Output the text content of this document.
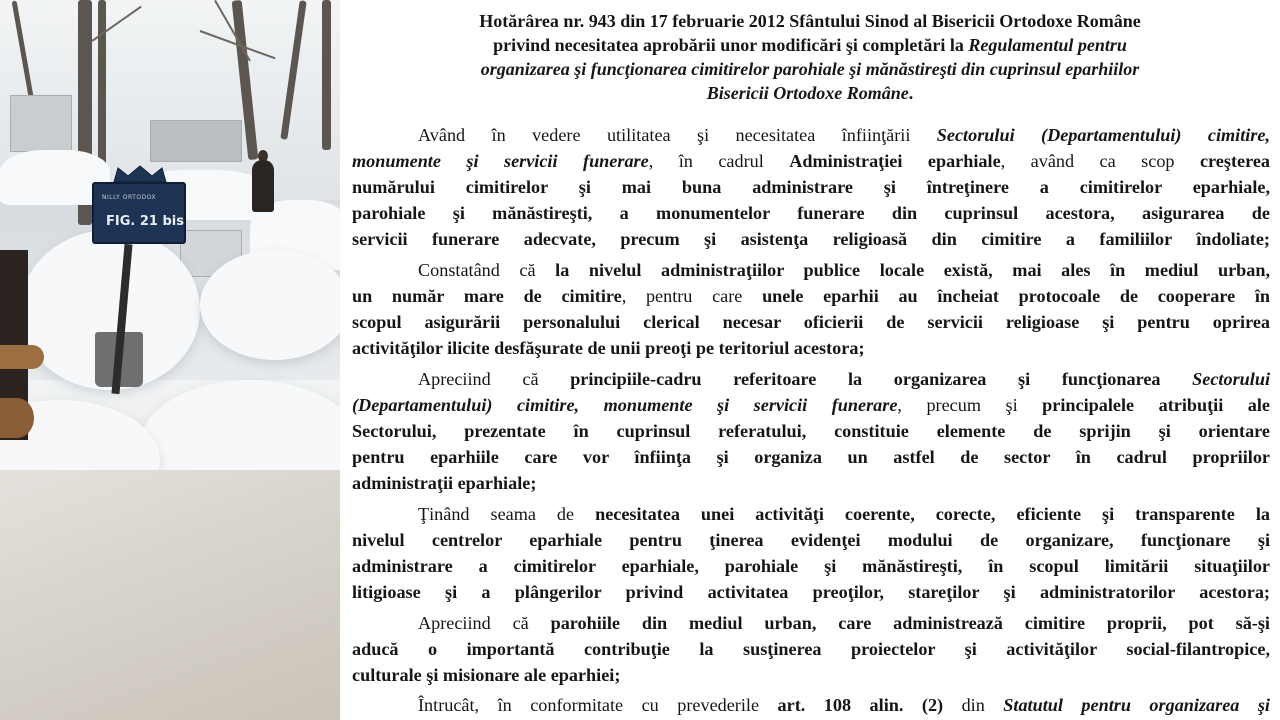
NILLY ORTODOX
FIG. 21 bis
Hotărârea nr. 943 din 17 februarie 2012 Sfântului Sinod al Bisericii Ortodoxe Române
privind necesitatea aprobării unor modificări şi completări la Regulamentul pentru
organizarea şi funcţionarea cimitirelor parohiale şi mănăstireşti din cuprinsul eparhiilor
Bisericii Ortodoxe Române.
Având în vedere utilitatea şi necesitatea înfiinţării Sectorului (Departamentului) cimitire,
monumente şi servicii funerare, în cadrul Administraţiei eparhiale, având ca scop creşterea
numărului cimitirelor şi mai buna administrare şi întreţinere a cimitirelor eparhiale,
parohiale şi mănăstireşti, a monumentelor funerare din cuprinsul acestora, asigurarea de
servicii funerare adecvate, precum şi asistenţa religioasă din cimitire a familiilor îndoliate;
Constatând că la nivelul administraţiilor publice locale există, mai ales în mediul urban,
un număr mare de cimitire, pentru care unele eparhii au încheiat protocoale de cooperare în
scopul asigurării personalului clerical necesar oficierii de servicii religioase şi pentru oprirea
activităţilor ilicite desfăşurate de unii preoţi pe teritoriul acestora;
Apreciind că principiile-cadru referitoare la organizarea şi funcţionarea Sectorului
(Departamentului) cimitire, monumente şi servicii funerare, precum şi principalele atribuţii ale
Sectorului, prezentate în cuprinsul referatului, constituie elemente de sprijin şi orientare
pentru eparhiile care vor înfiinţa şi organiza un astfel de sector în cadrul propriilor
administraţii eparhiale;
Ţinând seama de necesitatea unei activităţi coerente, corecte, eficiente şi transparente la
nivelul centrelor eparhiale pentru ţinerea evidenţei modului de organizare, funcţionare şi
administrare a cimitirelor eparhiale, parohiale şi mănăstireşti, în scopul limitării situaţiilor
litigioase şi a plângerilor privind activitatea preoţilor, stareţilor şi administratorilor acestora;
Apreciind că parohiile din mediul urban, care administrează cimitire proprii, pot să-şi
aducă o importantă contribuţie la susţinerea proiectelor şi activităţilor social-filantropice,
culturale şi misionare ale eparhiei;
Întrucât, în conformitate cu prevederile art. 108 alin. (2) din Statutul pentru organizarea şi
